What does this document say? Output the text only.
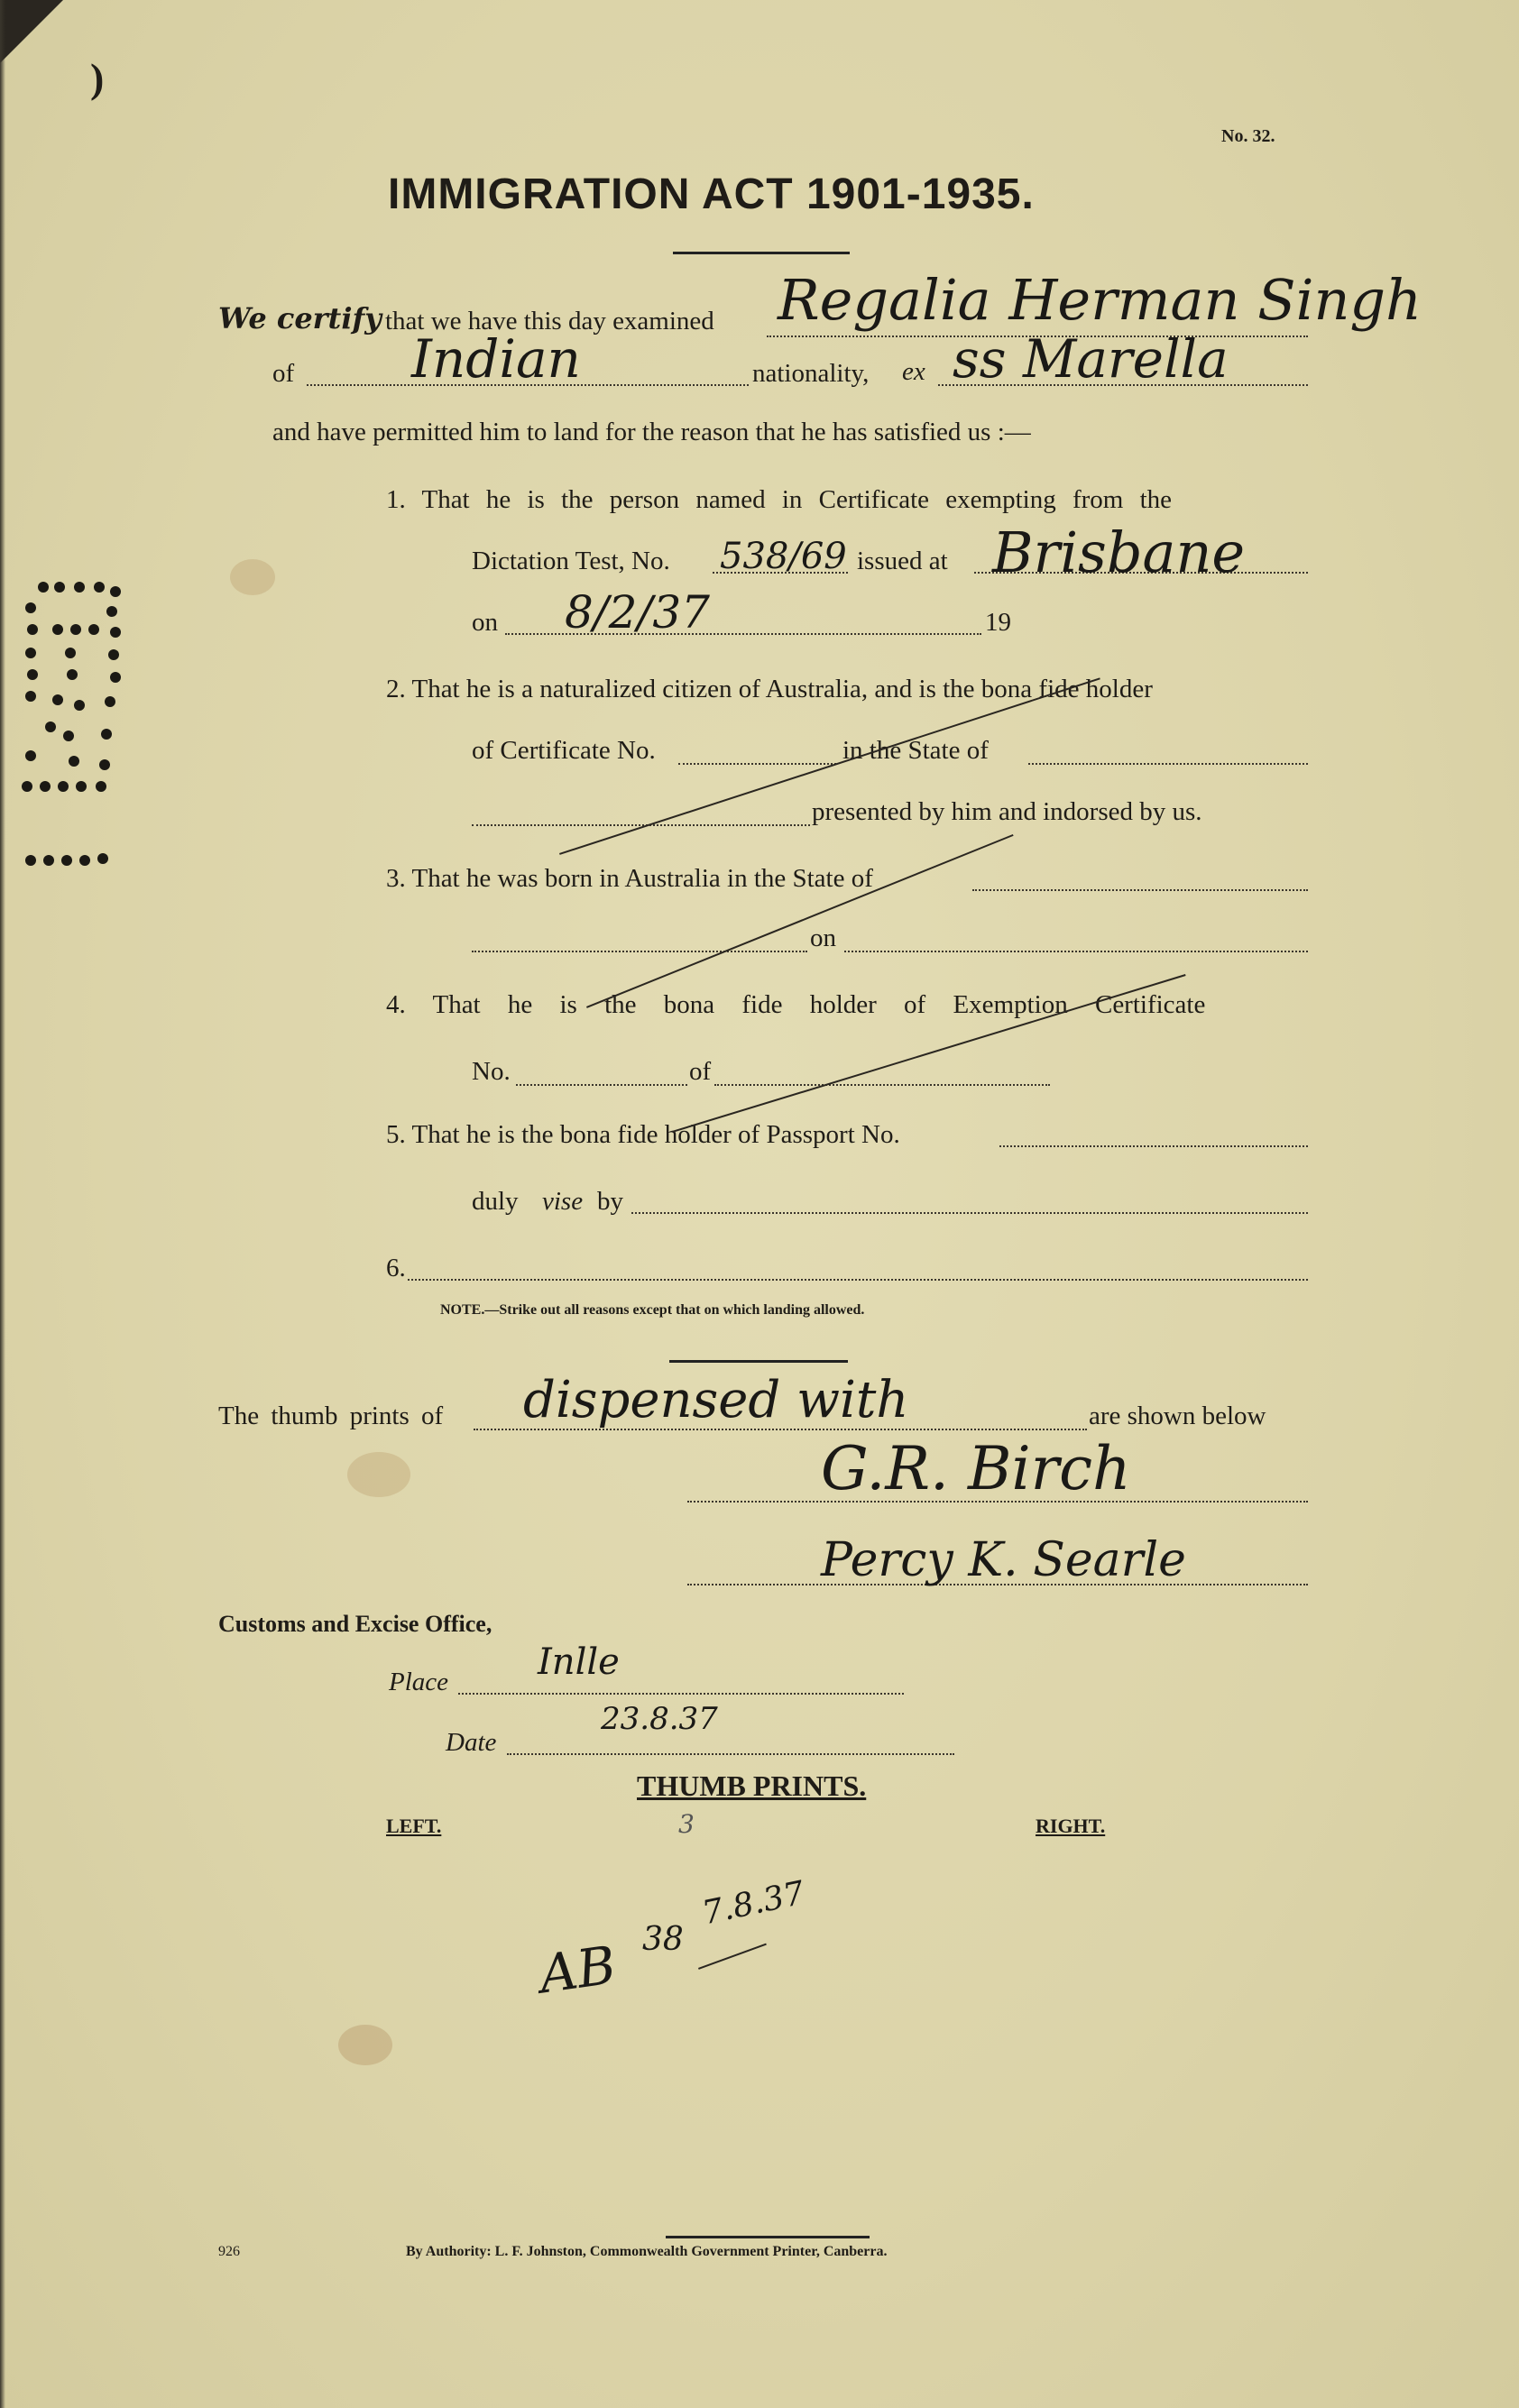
)
No. 32.
IMMIGRATION ACT 1901-1935.
We certify that we have this day examined Regalia Herman Singh
of Indian	nationality, ex ss Marella
and have permitted him to land for the reason that he has satisfied us :—
1. That he is the person named in Certificate exempting from the
Dictation Test, No. 538/69 issued at Brisbane
on 8/2/37	19
2. That he is a naturalized citizen of Australia, and is the bona fide holder
of Certificate No.	in the State of
presented by him and indorsed by us.
3. That he was born in Australia in the State of
on
4. That he is the bona fide holder of Exemption Certificate
No.	of
5. That he is the bona fide holder of Passport No.
duly vise by
6.
NOTE.—Strike out all reasons except that on which landing allowed.
The thumb prints of dispensed with	are shown below
G.R. Birch
Percy K. Searle
Customs and Excise Office,
Place Inlle
Date
23.8.37
THUMB PRINTS.
LEFT.	RIGHT.
3
AB 38
7.8.37
926	By Authority: L. F. Johnston, Commonwealth Government Printer, Canberra.
